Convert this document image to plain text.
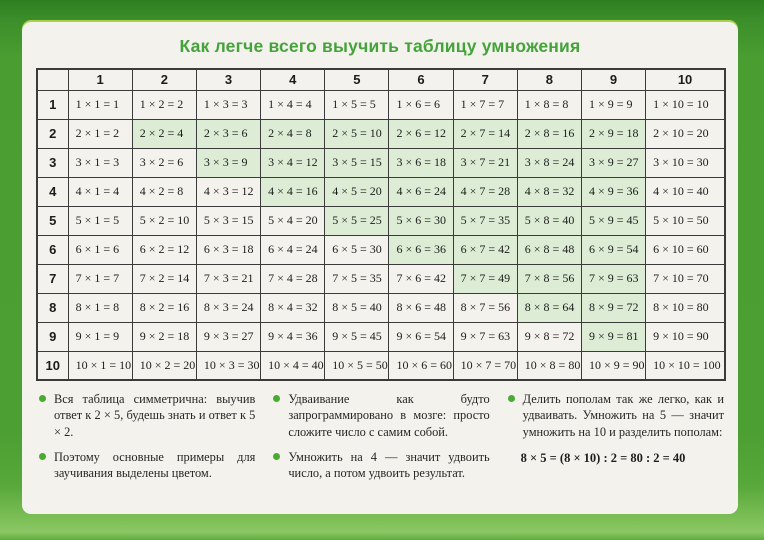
Как легче всего выучить таблицу умножения
	1	2	3	4	5	6	7	8	9	10
1	1 × 1 = 1	1 × 2 = 2	1 × 3 = 3	1 × 4 = 4	1 × 5 = 5	1 × 6 = 6	1 × 7 = 7	1 × 8 = 8	1 × 9 = 9	1 × 10 = 10
2	2 × 1 = 2	2 × 2 = 4	2 × 3 = 6	2 × 4 = 8	2 × 5 = 10	2 × 6 = 12	2 × 7 = 14	2 × 8 = 16	2 × 9 = 18	2 × 10 = 20
3	3 × 1 = 3	3 × 2 = 6	3 × 3 = 9	3 × 4 = 12	3 × 5 = 15	3 × 6 = 18	3 × 7 = 21	3 × 8 = 24	3 × 9 = 27	3 × 10 = 30
4	4 × 1 = 4	4 × 2 = 8	4 × 3 = 12	4 × 4 = 16	4 × 5 = 20	4 × 6 = 24	4 × 7 = 28	4 × 8 = 32	4 × 9 = 36	4 × 10 = 40
5	5 × 1 = 5	5 × 2 = 10	5 × 3 = 15	5 × 4 = 20	5 × 5 = 25	5 × 6 = 30	5 × 7 = 35	5 × 8 = 40	5 × 9 = 45	5 × 10 = 50
6	6 × 1 = 6	6 × 2 = 12	6 × 3 = 18	6 × 4 = 24	6 × 5 = 30	6 × 6 = 36	6 × 7 = 42	6 × 8 = 48	6 × 9 = 54	6 × 10 = 60
7	7 × 1 = 7	7 × 2 = 14	7 × 3 = 21	7 × 4 = 28	7 × 5 = 35	7 × 6 = 42	7 × 7 = 49	7 × 8 = 56	7 × 9 = 63	7 × 10 = 70
8	8 × 1 = 8	8 × 2 = 16	8 × 3 = 24	8 × 4 = 32	8 × 5 = 40	8 × 6 = 48	8 × 7 = 56	8 × 8 = 64	8 × 9 = 72	8 × 10 = 80
9	9 × 1 = 9	9 × 2 = 18	9 × 3 = 27	9 × 4 = 36	9 × 5 = 45	9 × 6 = 54	9 × 7 = 63	9 × 8 = 72	9 × 9 = 81	9 × 10 = 90
10	10 × 1 = 10	10 × 2 = 20	10 × 3 = 30	10 × 4 = 40	10 × 5 = 50	10 × 6 = 60	10 × 7 = 70	10 × 8 = 80	10 × 9 = 90	10 × 10 = 100
Вся таблица симметрична: выучив ответ к 2 × 5, будешь знать и ответ к 5 × 2.
Поэтому основные примеры для заучивания выделены цветом.
Удваивание как будто запрограммировано в мозге: просто сложите число с самим собой.
Умножить на 4 — значит удвоить число, а потом удвоить результат.
Делить пополам так же легко, как и удваивать. Умножить на 5 — значит умножить на 10 и разделить пополам:
8 × 5 = (8 × 10) : 2 = 80 : 2 = 40
